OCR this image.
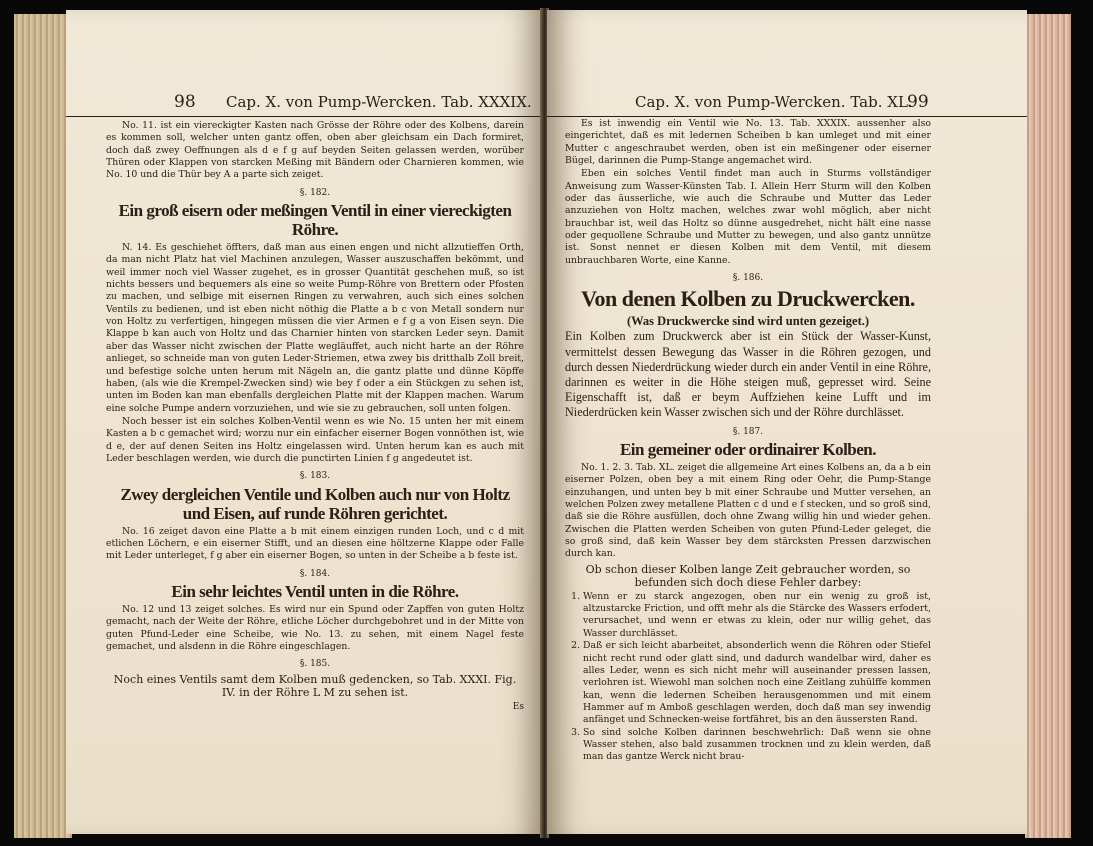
98 Cap. X. von Pump-Wercken. Tab. XXXIX.

No. 11. ist ein viereckigter Kasten nach Grösse der Röhre oder des Kolbens, darein es kommen soll, welcher unten gantz offen, oben aber gleichsam ein Dach formiret, doch daß zwey Oeffnungen als d e f g auf beyden Seiten gelassen werden, worüber Thüren oder Klappen von starcken Meßing mit Bändern oder Charnieren kommen, wie No. 10 und die Thür bey A a parte sich zeiget.

§. 182.
Ein groß eisern oder meßingen Ventil in einer viereckigten Röhre.

N. 14. Es geschiehet öffters, daß man aus einen engen und nicht allzutieffen Orth, da man nicht Platz hat viel Machinen anzulegen, Wasser auszuschaffen bekömmt, und weil immer noch viel Wasser zugehet, es in grosser Quantität geschehen muß, so ist nichts bessers und bequemers als eine so weite Pump-Röhre von Brettern oder Pfosten zu machen, und selbige mit eisernen Ringen zu verwahren, auch sich eines solchen Ventils zu bedienen, und ist eben nicht nöthig die Platte a b c von Metall sondern nur von Holtz zu verfertigen, hingegen müssen die vier Armen e f g a von Eisen seyn. Die Klappe b kan auch von Holtz und das Charnier hinten von starcken Leder seyn. Damit aber das Wasser nicht zwischen der Platte wegläuffet, auch nicht harte an der Röhre anlieget, so schneide man von guten Leder-Striemen, etwa zwey bis dritthalb Zoll breit, und befestige solche unten herum mit Nägeln an, die gantz platte und dünne Köpffe haben, (als wie die Krempel-Zwecken sind) wie bey f oder a ein Stückgen zu sehen ist, unten im Boden kan man ebenfalls dergleichen Platte mit der Klappen machen. Warum eine solche Pumpe andern vorzuziehen, und wie sie zu gebrauchen, soll unten folgen.

Noch besser ist ein solches Kolben-Ventil wenn es wie No. 15 unten her mit einem Kasten a b c gemachet wird; worzu nur ein einfacher eiserner Bogen vonnöthen ist, wie d e, der auf denen Seiten ins Holtz eingelassen wird. Unten herum kan es auch mit Leder beschlagen werden, wie durch die punctirten Linien f g angedeutet ist.

§. 183.
Zwey dergleichen Ventile und Kolben auch nur von Holtz und Eisen, auf runde Röhren gerichtet.

No. 16 zeiget davon eine Platte a b mit einem einzigen runden Loch, und c d mit etlichen Löchern, e ein eiserner Stifft, und an diesen eine höltzerne Klappe oder Falle mit Leder unterleget, f g aber ein eiserner Bogen, so unten in der Scheibe a b feste ist.

§. 184.
Ein sehr leichtes Ventil unten in die Röhre.

No. 12 und 13 zeiget solches. Es wird nur ein Spund oder Zapffen von guten Holtz gemacht, nach der Weite der Röhre, etliche Löcher durchgebohret und in der Mitte von guten Pfund-Leder eine Scheibe, wie No. 13. zu sehen, mit einem Nagel feste gemachet, und alsdenn in die Röhre eingeschlagen.

§. 185.
Noch eines Ventils samt dem Kolben muß gedencken, so Tab. XXXI. Fig. IV. in der Röhre L M zu sehen ist.
Es
Cap. X. von Pump-Wercken. Tab. XL.
99

Es ist inwendig ein Ventil wie No. 13. Tab. XXXIX. aussenher also eingerichtet, daß es mit ledernen Scheiben b kan umleget und mit einer Mutter c angeschraubet werden, oben ist ein meßingener oder eiserner Bügel, darinnen die Pump-Stange angemachet wird.

Eben ein solches Ventil findet man auch in Sturms vollständiger Anweisung zum Wasser-Künsten Tab. I. Allein Herr Sturm will den Kolben oder das äusserliche, wie auch die Schraube und Mutter das Leder anzuziehen von Holtz machen, welches zwar wohl möglich, aber nicht brauchbar ist, weil das Holtz so dünne ausgedrehet, nicht hält eine nasse oder gequollene Schraube und Mutter zu bewegen, und also gantz unnütze ist. Sonst nennet er diesen Kolben mit dem Ventil, mit diesem unbrauchbaren Worte, eine Kanne.

§. 186.
Von denen Kolben zu Druckwercken.
(Was Druckwercke sind wird unten gezeiget.)
Ein Kolben zum Druckwerck aber ist ein Stück der Wasser-Kunst, vermittelst dessen Bewegung das Wasser in die Röhren gezogen, und durch dessen Niederdrückung wieder durch ein ander Ventil in eine Röhre, darinnen es weiter in die Höhe steigen muß, gepresset wird. Seine Eigenschafft ist, daß er beym Auffziehen keine Lufft und im Niederdrücken kein Wasser zwischen sich und der Röhre durchlässet.
§. 187.
Ein gemeiner oder ordinairer Kolben.

No. 1. 2. 3. Tab. XL. zeiget die allgemeine Art eines Kolbens an, da a b ein eiserner Polzen, oben bey a mit einem Ring oder Oehr, die Pump-Stange einzuhangen, und unten bey b mit einer Schraube und Mutter versehen, an welchen Polzen zwey metallene Platten c d und e f stecken, und so groß sind, daß sie die Röhre ausfüllen, doch ohne Zwang willig hin und wieder gehen. Zwischen die Platten werden Scheiben von guten Pfund-Leder geleget, die so groß sind, daß kein Wasser bey dem stärcksten Pressen darzwischen durch kan.

Ob schon dieser Kolben lange Zeit gebraucher worden, so befunden sich doch diese Fehler darbey:
1. Wenn er zu starck angezogen, oben nur ein wenig zu groß ist, altzustarcke Friction, und offt mehr als die Stärcke des Wassers erfodert, verursachet, und wenn er etwas zu klein, oder nur willig gehet, das Wasser durchlässet.
2. Daß er sich leicht abarbeitet, absonderlich wenn die Röhren oder Stiefel nicht recht rund oder glatt sind, und dadurch wandelbar wird, daher es alles Leder, wenn es sich nicht mehr will auseinander pressen lassen, verlohren ist. Wiewohl man solchen noch eine Zeitlang zuhülffe kommen kan, wenn die ledernen Scheiben herausgenommen und mit einem Hammer auf m Amboß geschlagen werden, doch daß man sey inwendig anfänget und Schnecken-weise fortfähret, bis an den äussersten Rand.
3. So sind solche Kolben darinnen beschwehrlich: Daß wenn sie ohne Wasser stehen, also bald zusammen trocknen und zu klein werden, daß man das gantze Werck nicht brau-
